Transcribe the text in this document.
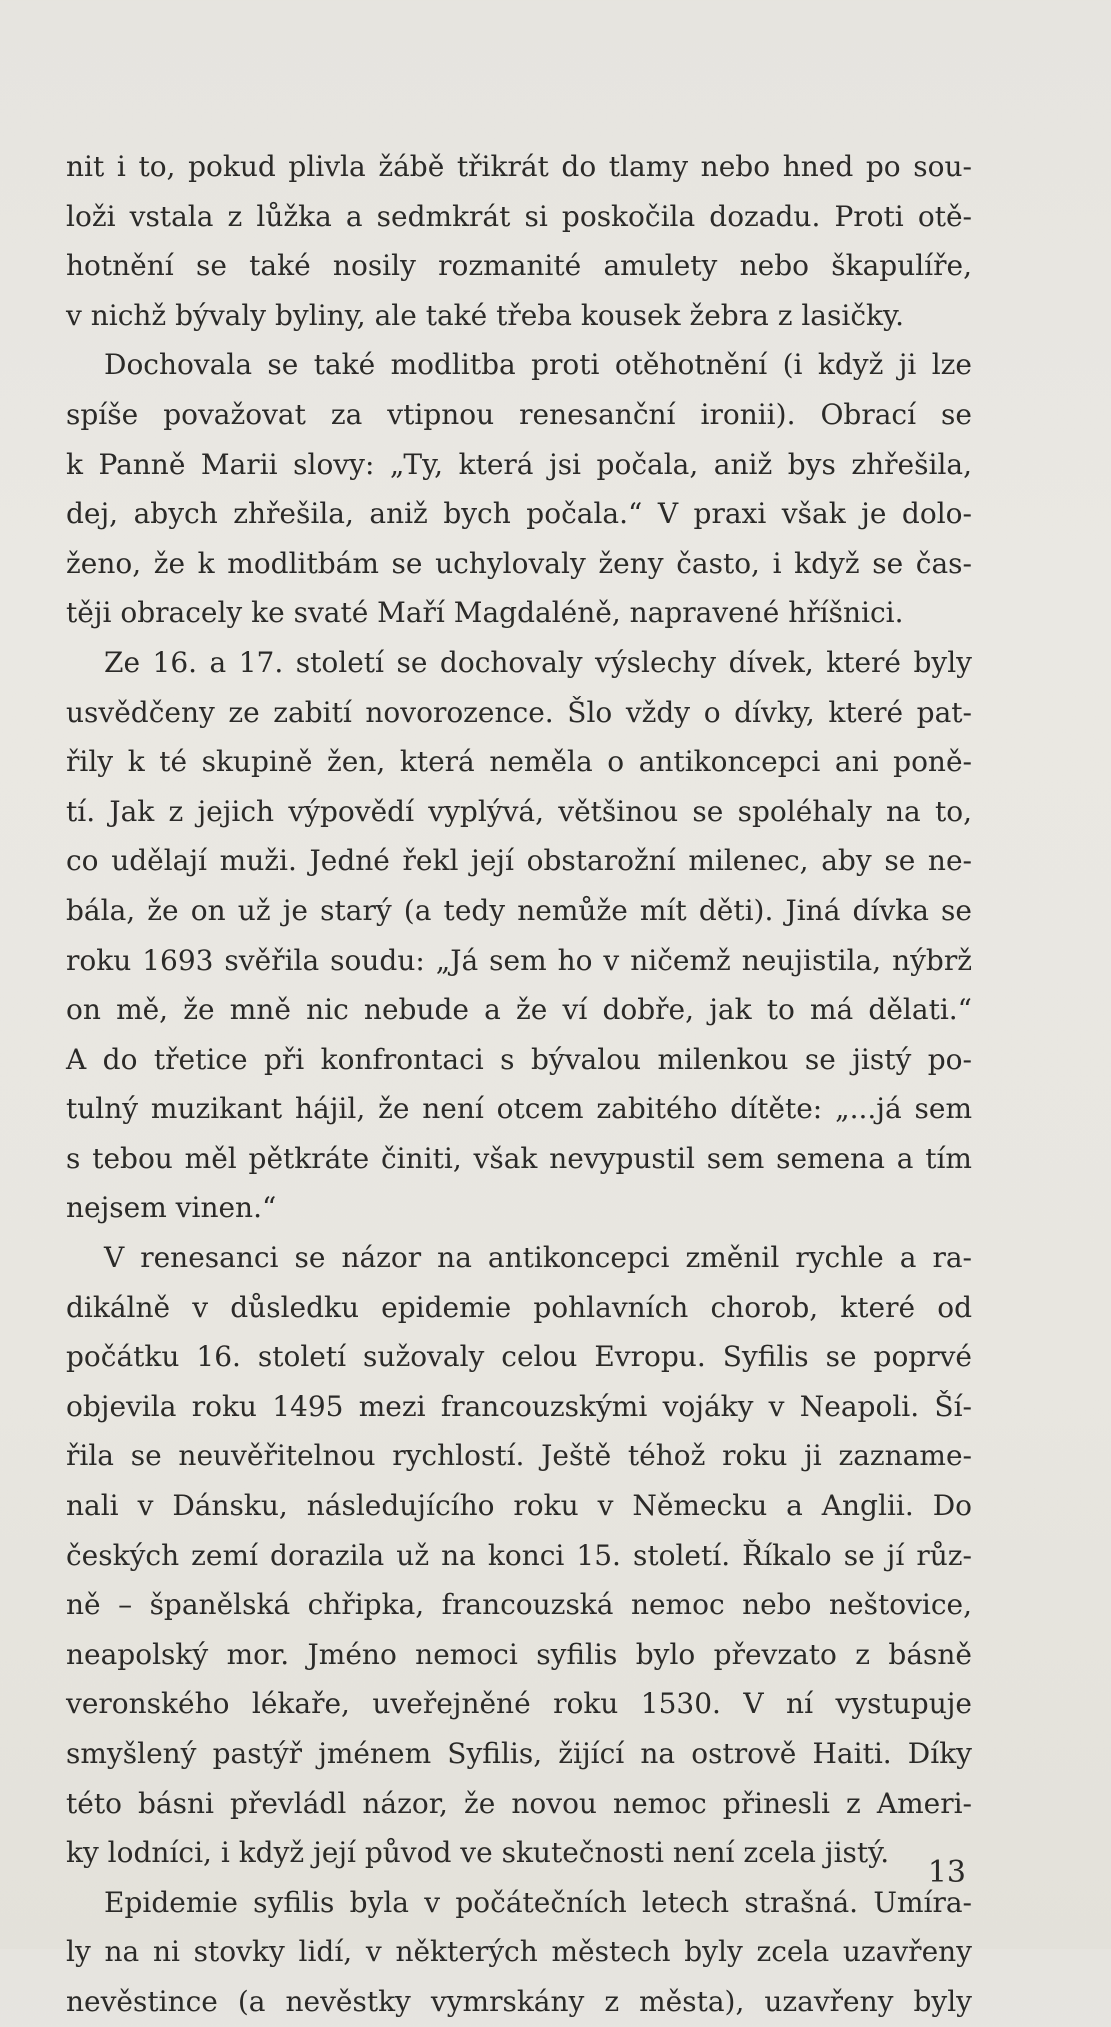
nit i to, pokud plivla žábě třikrát do tlamy nebo hned po sou-
loži vstala z lůžka a sedmkrát si poskočila dozadu. Proti otě-
hotnění se také nosily rozmanité amulety nebo škapulíře,
v nichž bývaly byliny, ale také třeba kousek žebra z lasičky.
Dochovala se také modlitba proti otěhotnění (i když ji lze
spíše považovat za vtipnou renesanční ironii). Obrací se
k Panně Marii slovy: „Ty, která jsi počala, aniž bys zhřešila,
dej, abych zhřešila, aniž bych počala.“ V praxi však je dolo-
ženo, že k modlitbám se uchylovaly ženy často, i když se čas-
těji obracely ke svaté Maří Magdaléně, napravené hříšnici.
Ze 16. a 17. století se dochovaly výslechy dívek, které byly
usvědčeny ze zabití novorozence. Šlo vždy o dívky, které pat-
řily k té skupině žen, která neměla o antikoncepci ani poně-
tí. Jak z jejich výpovědí vyplývá, většinou se spoléhaly na to,
co udělají muži. Jedné řekl její obstarožní milenec, aby se ne-
bála, že on už je starý (a tedy nemůže mít děti). Jiná dívka se
roku 1693 svěřila soudu: „Já sem ho v ničemž neujistila, nýbrž
on mě, že mně nic nebude a že ví dobře, jak to má dělati.“
A do třetice při konfrontaci s bývalou milenkou se jistý po-
tulný muzikant hájil, že není otcem zabitého dítěte: „...já sem
s tebou měl pětkráte činiti, však nevypustil sem semena a tím
nejsem vinen.“
V renesanci se názor na antikoncepci změnil rychle a ra-
dikálně v důsledku epidemie pohlavních chorob, které od
počátku 16. století sužovaly celou Evropu. Syfilis se poprvé
objevila roku 1495 mezi francouzskými vojáky v Neapoli. Ší-
řila se neuvěřitelnou rychlostí. Ještě téhož roku ji zaznamе-
nali v Dánsku, následujícího roku v Německu a Anglii. Do
českých zemí dorazila už na konci 15. století. Říkalo se jí růz-
ně – španělská chřipka, francouzská nemoc nebo neštovice,
neapolský mor. Jméno nemoci syfilis bylo převzato z básně
veronského lékaře, uveřejněné roku 1530. V ní vystupuje
smyšlený pastýř jménem Syfilis, žijící na ostrově Haiti. Díky
této básni převládl názor, že novou nemoc přinesli z Ameri-
ky lodníci, i když její původ ve skutečnosti není zcela jistý.
Epidemie syfilis byla v počátečních letech strašná. Umíra-
ly na ni stovky lidí, v některých městech byly zcela uzavřeny
nevěstince (a nevěstky vymrskány z města), uzavřeny byly
13
